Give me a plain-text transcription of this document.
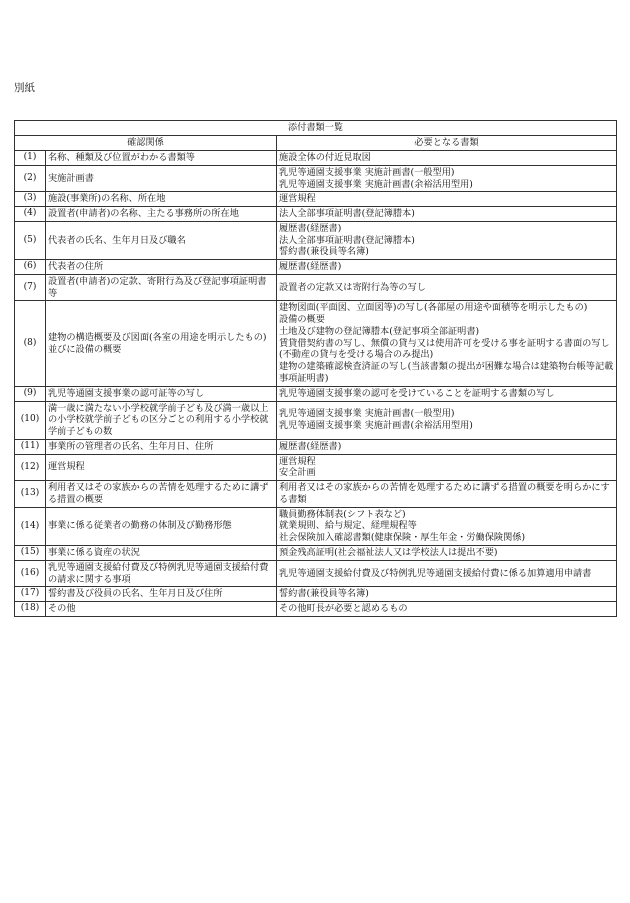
別紙
添付書類一覧		
確認関係		必要となる書類
(1)	名称、種類及び位置がわかる書類等	施設全体の付近見取図

(2)	実施計画書	乳児等通園支援事業 実施計画書(一般型用)
乳児等通園支援事業 実施計画書(余裕活用型用)

(3)	施設(事業所)の名称、所在地	運営規程

(4)	設置者(申請者)の名称、主たる事務所の所在地	法人全部事項証明書(登記簿謄本)

(5)	代表者の氏名、生年月日及び職名	履歴書(経歴書)
法人全部事項証明書(登記簿謄本)
誓約書(兼役員等名簿)

(6)	代表者の住所	履歴書(経歴書)

(7)	設置者(申請者)の定款、寄附行為及び登記事項証明書 等	設置者の定款又は寄附行為等の写し

(8)	建物の構造概要及び図面(各室の用途を明示したもの)並びに設備の概要	建物図面(平面図、立面図等)の写し(各部屋の用途や面積等を明示したもの)
設備の概要
土地及び建物の登記簿謄本(登記事項全部証明書)
賃貸借契約書の写し、無償の貸与又は使用許可を受ける事を証明する書面の写し(不動産の貸与を受ける場合のみ提出)
建物の建築確認検査済証の写し(当該書類の提出が困難な場合は建築物台帳等記載事項証明書)

(9)	乳児等通園支援事業の認可証等の写し	乳児等通園支援事業の認可を受けていることを証明する書類の写し

(10)	満一歳に満たない小学校就学前子ども及び満一歳以上の小学校就学前子どもの区分ごとの利用する小学校就学前子どもの数	乳児等通園支援事業 実施計画書(一般型用)
乳児等通園支援事業 実施計画書(余裕活用型用)

(11)	事業所の管理者の氏名、生年月日、住所	履歴書(経歴書)

(12)	運営規程	運営規程
安全計画

(13)	利用者又はその家族からの苦情を処理するために講ずる措置の概要	利用者又はその家族からの苦情を処理するために講ずる措置の概要を明らかにする書類

(14)	事業に係る従業者の勤務の体制及び勤務形態	職員勤務体制表(シフト表など)
就業規則、給与規定、経理規程等
社会保険加入確認書類(健康保険・厚生年金・労働保険関係)

(15)	事業に係る資産の状況	預金残高証明(社会福祉法人又は学校法人は提出不要)

(16)	乳児等通園支援給付費及び特例乳児等通園支援給付費の請求に関する事項	乳児等通園支援給付費及び特例乳児等通園支援給付費に係る加算適用申請書

(17)	誓約書及び役員の氏名、生年月日及び住所	誓約書(兼役員等名簿)

(18)	その他	その他町長が必要と認めるもの
